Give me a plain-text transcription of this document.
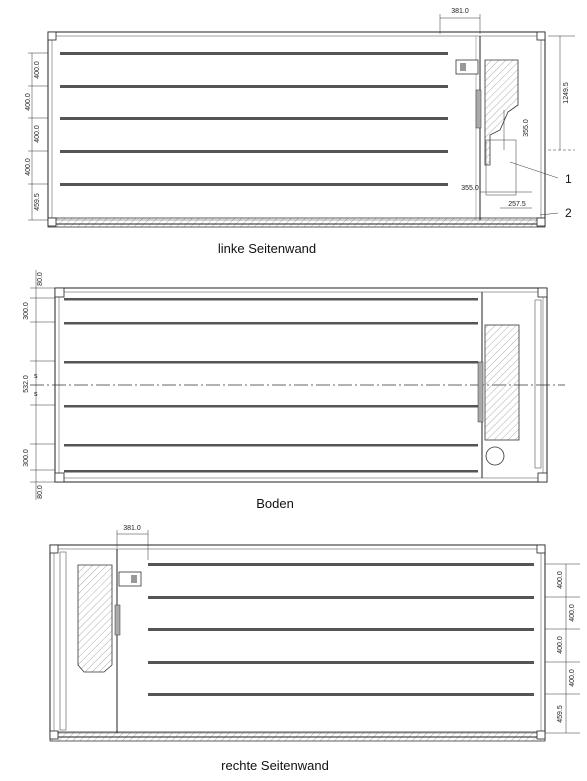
381.0
400.0
400.0
400.0
400.0
459.5
1249.5
355.0
355.0
257.5
1
2
linke Seitenwand
80.0
300.0
532.0
300.0
80.0
s
s
Boden
381.0
400.0
400.0
400.0
400.0
459.5
rechte Seitenwand
